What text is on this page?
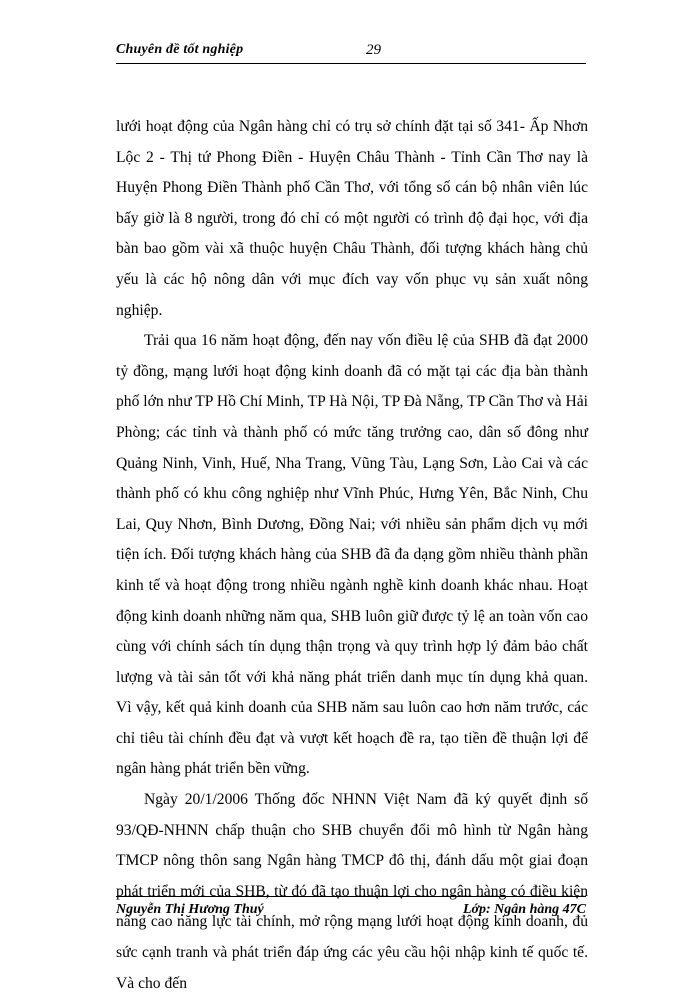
Chuyên đề tốt nghiệp	29

lưới hoạt động của Ngân hàng chỉ có trụ sở chính đặt tại số 341- Ấp Nhơn Lộc 2 - Thị tứ Phong Điền - Huyện Châu Thành - Tỉnh Cần Thơ nay là Huyện Phong Điền Thành phố Cần Thơ, với tổng số cán bộ nhân viên lúc bấy giờ là 8 người, trong đó chỉ có một người có trình độ đại học, với địa bàn bao gồm vài xã thuộc huyện Châu Thành, đối tượng khách hàng chủ yếu là các hộ nông dân với mục đích vay vốn phục vụ sản xuất nông nghiệp.

Trải qua 16 năm hoạt động, đến nay vốn điều lệ của SHB đã đạt 2000 tỷ đồng, mạng lưới hoạt động kinh doanh đã có mặt tại các địa bàn thành phố lớn như TP Hồ Chí Minh, TP Hà Nội, TP Đà Nẵng, TP Cần Thơ và Hải Phòng; các tỉnh và thành phố có mức tăng trưởng cao, dân số đông như Quảng Ninh, Vinh, Huế, Nha Trang, Vũng Tàu, Lạng Sơn, Lào Cai và các thành phố có khu công nghiệp như Vĩnh Phúc, Hưng Yên, Bắc Ninh, Chu Lai, Quy Nhơn, Bình Dương, Đồng Nai; với nhiều sản phẩm dịch vụ mới tiện ích. Đối tượng khách hàng của SHB đã đa dạng gồm nhiều thành phần kinh tế và hoạt động trong nhiều ngành nghề kinh doanh khác nhau. Hoạt động kinh doanh những năm qua, SHB luôn giữ được tỷ lệ an toàn vốn cao cùng với chính sách tín dụng thận trọng và quy trình hợp lý đảm bảo chất lượng và tài sản tốt với khả năng phát triển danh mục tín dụng khả quan. Vì vậy, kết quả kinh doanh của SHB năm sau luôn cao hơn năm trước, các chỉ tiêu tài chính đều đạt và vượt kết hoạch đề ra, tạo tiền đề thuận lợi để ngân hàng phát triển bền vững.

Ngày 20/1/2006 Thống đốc NHNN Việt Nam đã ký quyết định số 93/QĐ-NHNN chấp thuận cho SHB chuyển đổi mô hình từ Ngân hàng TMCP nông thôn sang Ngân hàng TMCP đô thị, đánh dấu một giai đoạn phát triển mới của SHB, từ đó đã tạo thuận lợi cho ngân hàng có điều kiện nâng cao năng lực tài chính, mở rộng mạng lưới hoạt động kinh doanh, đủ sức cạnh tranh và phát triển đáp ứng các yêu cầu hội nhập kinh tế quốc tế. Và cho đến

Nguyễn Thị Hương Thuý	Lớp: Ngân hàng 47C
